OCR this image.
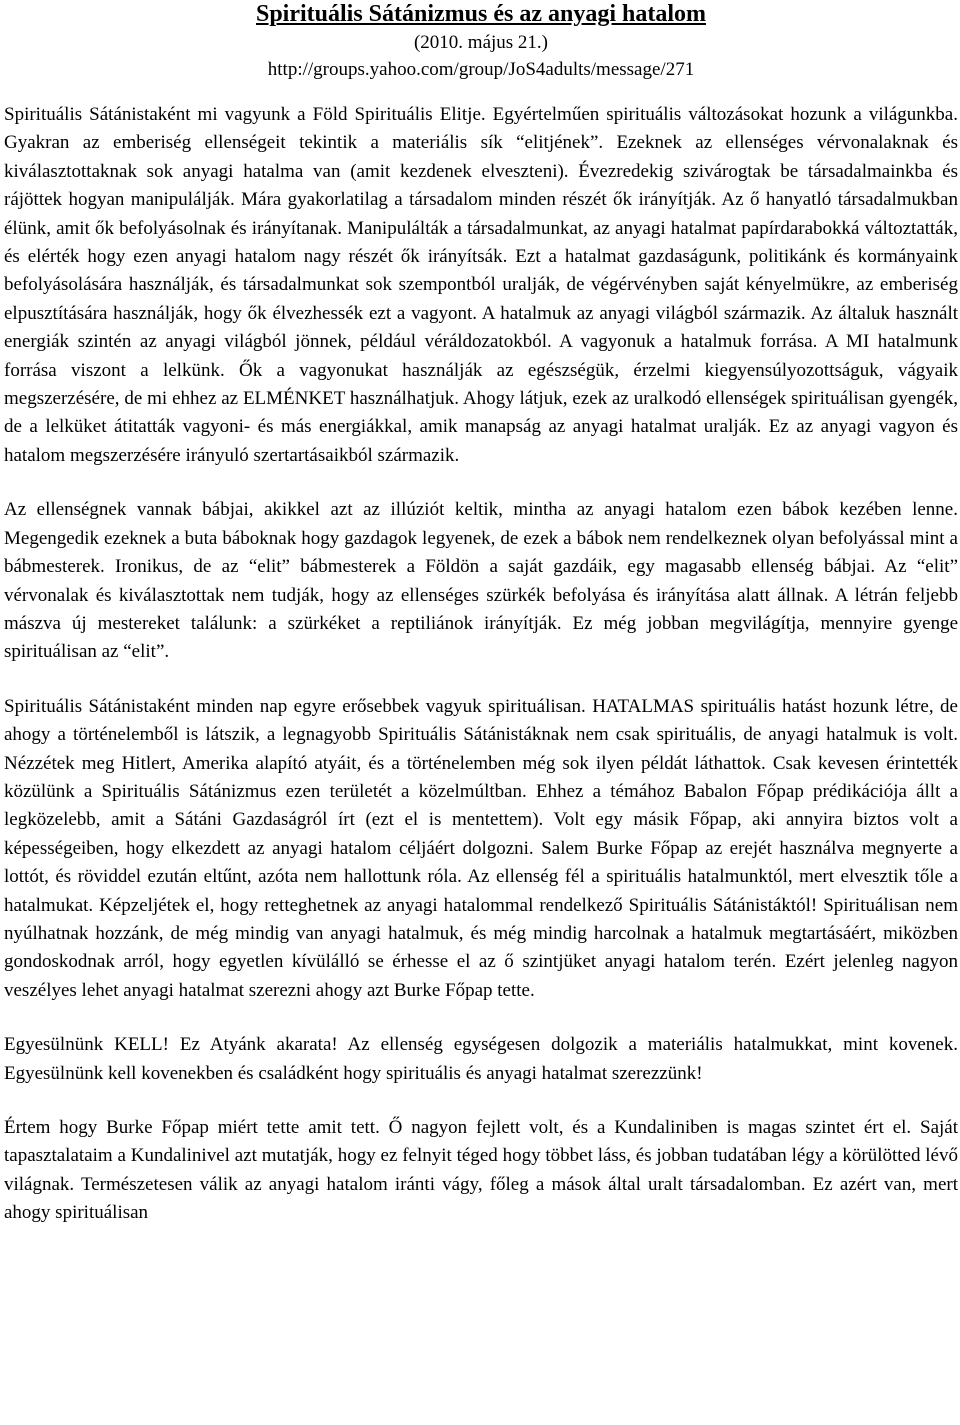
Spirituális Sátánizmus és az anyagi hatalom
(2010. május 21.)
http://groups.yahoo.com/group/JoS4adults/message/271

Spirituális Sátánistaként mi vagyunk a Föld Spirituális Elitje. Egyértelműen spirituális változásokat hozunk a világunkba. Gyakran az emberiség ellenségeit tekintik a materiális sík “elitjének”. Ezeknek az ellenséges vérvonalaknak és kiválasztottaknak sok anyagi hatalma van (amit kezdenek elveszteni). Évezredekig szivárogtak be társadalmainkba és rájöttek hogyan manipulálják. Mára gyakorlatilag a társadalom minden részét ők irányítják. Az ő hanyatló társadalmukban élünk, amit ők befolyásolnak és irányítanak. Manipulálták a társadalmunkat, az anyagi hatalmat papírdarabokká változtatták, és elérték hogy ezen anyagi hatalom nagy részét ők irányítsák. Ezt a hatalmat gazdaságunk, politikánk és kormányaink befolyásolására használják, és társadalmunkat sok szempontból uralják, de végérvényben saját kényelmükre, az emberiség elpusztítására használják, hogy ők élvezhessék ezt a vagyont. A hatalmuk az anyagi világból származik. Az általuk használt energiák szintén az anyagi világból jönnek, például véráldozatokból. A vagyonuk a hatalmuk forrása. A MI hatalmunk forrása viszont a lelkünk. Ők a vagyonukat használják az egészségük, érzelmi kiegyensúlyozottságuk, vágyaik megszerzésére, de mi ehhez az ELMÉNKET használhatjuk. Ahogy látjuk, ezek az uralkodó ellenségek spirituálisan gyengék, de a lelküket átitatták vagyoni- és más energiákkal, amik manapság az anyagi hatalmat uralják. Ez az anyagi vagyon és hatalom megszerzésére irányuló szertartásaikból származik.

Az ellenségnek vannak bábjai, akikkel azt az illúziót keltik, mintha az anyagi hatalom ezen bábok kezében lenne. Megengedik ezeknek a buta báboknak hogy gazdagok legyenek, de ezek a bábok nem rendelkeznek olyan befolyással mint a bábmesterek. Ironikus, de az “elit” bábmesterek a Földön a saját gazdáik, egy magasabb ellenség bábjai. Az “elit” vérvonalak és kiválasztottak nem tudják, hogy az ellenséges szürkék befolyása és irányítása alatt állnak. A létrán feljebb mászva új mestereket találunk: a szürkéket a reptiliánok irányítják. Ez még jobban megvilágítja, mennyire gyenge spirituálisan az “elit”.

Spirituális Sátánistaként minden nap egyre erősebbek vagyuk spirituálisan. HATALMAS spirituális hatást hozunk létre, de ahogy a történelemből is látszik, a legnagyobb Spirituális Sátánistáknak nem csak spirituális, de anyagi hatalmuk is volt. Nézzétek meg Hitlert, Amerika alapító atyáit, és a történelemben még sok ilyen példát láthattok. Csak kevesen érintették közülünk a Spirituális Sátánizmus ezen területét a közelmúltban. Ehhez a témához Babalon Főpap prédikációja állt a legközelebb, amit a Sátáni Gazdaságról írt (ezt el is mentettem). Volt egy másik Főpap, aki annyira biztos volt a képességeiben, hogy elkezdett az anyagi hatalom céljáért dolgozni. Salem Burke Főpap az erejét használva megnyerte a lottót, és röviddel ezután eltűnt, azóta nem hallottunk róla. Az ellenség fél a spirituális hatalmunktól, mert elvesztik tőle a hatalmukat. Képzeljétek el, hogy retteghetnek az anyagi hatalommal rendelkező Spirituális Sátánistáktól! Spirituálisan nem nyúlhatnak hozzánk, de még mindig van anyagi hatalmuk, és még mindig harcolnak a hatalmuk megtartásáért, miközben gondoskodnak arról, hogy egyetlen kívülálló se érhesse el az ő szintjüket anyagi hatalom terén. Ezért jelenleg nagyon veszélyes lehet anyagi hatalmat szerezni ahogy azt Burke Főpap tette.

Egyesülnünk KELL! Ez Atyánk akarata! Az ellenség egységesen dolgozik a materiális hatalmukkat, mint kovenek. Egyesülnünk kell kovenekben és családként hogy spirituális és anyagi hatalmat szerezzünk!

Értem hogy Burke Főpap miért tette amit tett. Ő nagyon fejlett volt, és a Kundaliniben is magas szintet ért el. Saját tapasztalataim a Kundalinivel azt mutatják, hogy ez felnyit téged hogy többet láss, és jobban tudatában légy a körülötted lévő világnak. Természetesen válik az anyagi hatalom iránti vágy, főleg a mások által uralt társadalomban. Ez azért van, mert ahogy spirituálisan
